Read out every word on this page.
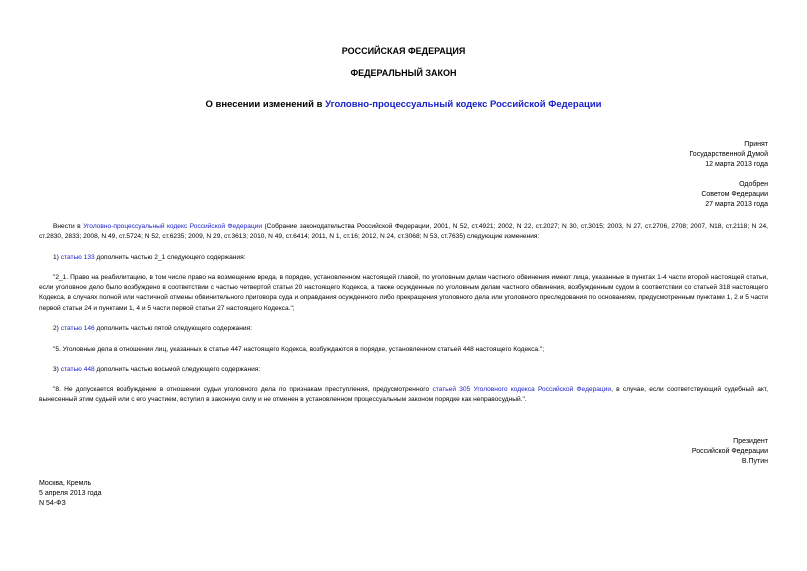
РОССИЙСКАЯ ФЕДЕРАЦИЯ
ФЕДЕРАЛЬНЫЙ ЗАКОН
О внесении изменений в Уголовно-процессуальный кодекс Российской Федерации
Принят
Государственной Думой
12 марта 2013 года
Одобрен
Советом Федерации
27 марта 2013 года
Внести в Уголовно-процессуальный кодекс Российской Федерации (Собрание законодательства Российской Федерации, 2001, N 52, ст.4921; 2002, N 22, ст.2027; N 30, ст.3015; 2003, N 27, ст.2706, 2708; 2007, N18, ст.2118; N 24, ст.2830, 2833; 2008, N 49, ст.5724; N 52, ст.6235; 2009, N 29, ст.3613; 2010, N 49, ст.6414; 2011, N 1, ст.16; 2012, N 24, ст.3068; N 53, ст.7635) следующие изменения:
1) статью 133 дополнить частью 2_1 следующего содержания:
"2_1. Право на реабилитацию, в том числе право на возмещение вреда, в порядке, установленном настоящей главой, по уголовным делам частного обвинения имеют лица, указанные в пунктах 1-4 части второй настоящей статьи, если уголовное дело было возбуждено в соответствии с частью четвертой статьи 20 настоящего Кодекса, а также осужденные по уголовным делам частного обвинения, возбужденным судом в соответствии со статьей 318 настоящего Кодекса, в случаях полной или частичной отмены обвинительного приговора суда и оправдания осужденного либо прекращения уголовного дела или уголовного преследования по основаниям, предусмотренным пунктами 1, 2 и 5 части первой статьи 24 и пунктами 1, 4 и 5 части первой статьи 27 настоящего Кодекса.";
2) статью 146 дополнить частью пятой следующего содержания:
"5. Уголовные дела в отношении лиц, указанных в статье 447 настоящего Кодекса, возбуждаются в порядке, установленном статьей 448 настоящего Кодекса.";
3) статью 448 дополнить частью восьмой следующего содержания:
"8. Не допускается возбуждение в отношении судьи уголовного дела по признакам преступления, предусмотренного статьей 305 Уголовного кодекса Российской Федерации, в случае, если соответствующий судебный акт, вынесенный этим судьей или с его участием, вступил в законную силу и не отменен в установленном процессуальным законом порядке как неправосудный.".
Президент
Российской Федерации
В.Путин
Москва, Кремль
5 апреля 2013 года
N 54-ФЗ
